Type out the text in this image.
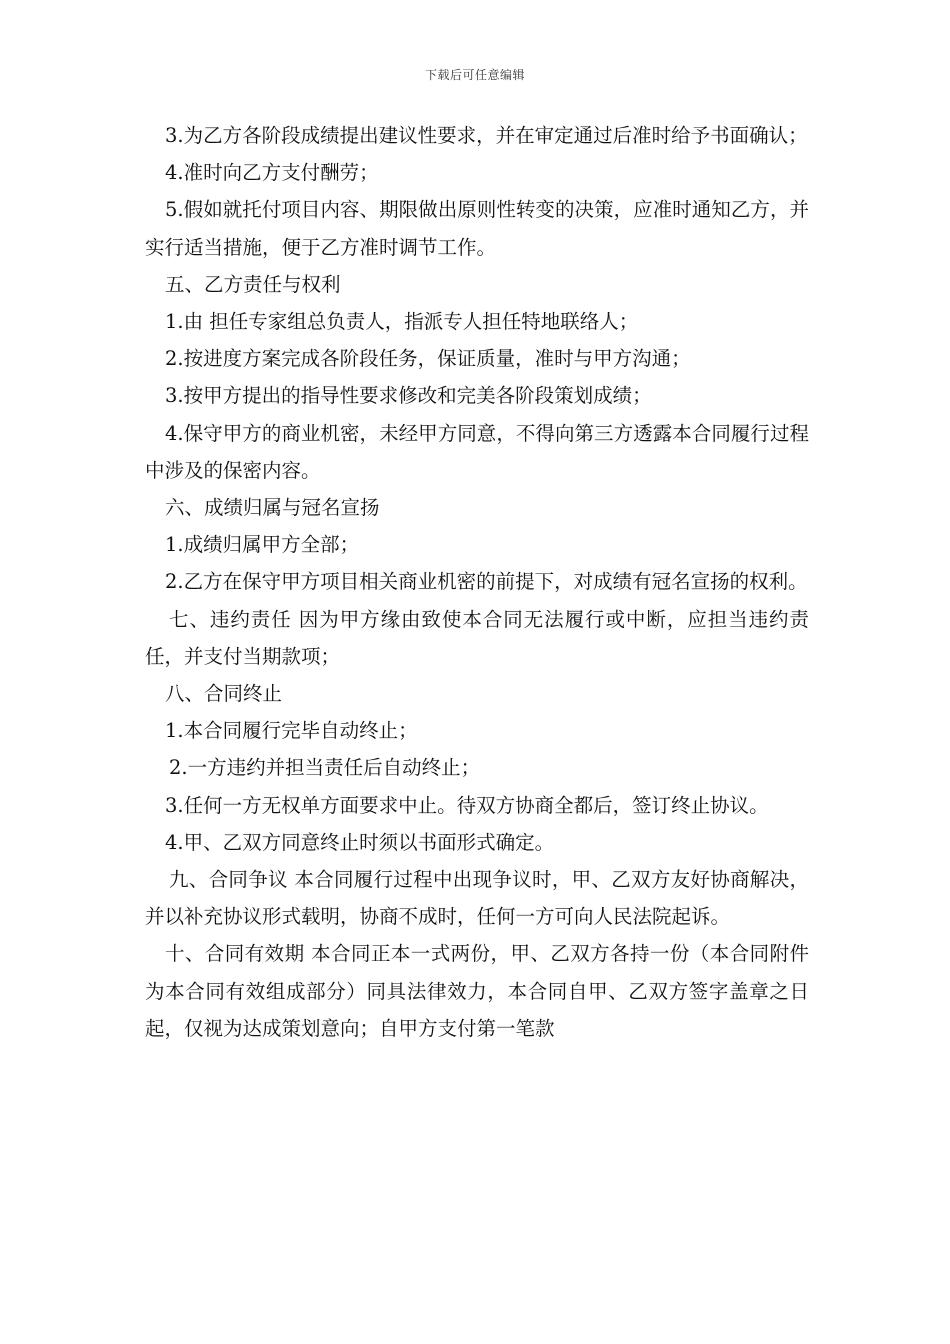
下载后可任意编辑

3.为乙方各阶段成绩提出建议性要求，并在审定通过后准时给予书面确认；

4.准时向乙方支付酬劳；

5.假如就托付项目内容、期限做出原则性转变的决策，应准时通知乙方，并实行适当措施，便于乙方准时调节工作。

五、乙方责任与权利

1.由 担任专家组总负责人，指派专人担任特地联络人；

2.按进度方案完成各阶段任务，保证质量，准时与甲方沟通；

3.按甲方提出的指导性要求修改和完美各阶段策划成绩；

4.保守甲方的商业机密，未经甲方同意，不得向第三方透露本合同履行过程中涉及的保密内容。

六、成绩归属与冠名宣扬

1.成绩归属甲方全部；

2.乙方在保守甲方项目相关商业机密的前提下，对成绩有冠名宣扬的权利。

七、违约责任 因为甲方缘由致使本合同无法履行或中断，应担当违约责任，并支付当期款项；

八、合同终止

1.本合同履行完毕自动终止；

2.一方违约并担当责任后自动终止；

3.任何一方无权单方面要求中止。待双方协商全都后，签订终止协议。

4.甲、乙双方同意终止时须以书面形式确定。

九、合同争议 本合同履行过程中出现争议时，甲、乙双方友好协商解决，并以补充协议形式载明，协商不成时，任何一方可向人民法院起诉。

十、合同有效期 本合同正本一式两份，甲、乙双方各持一份（本合同附件为本合同有效组成部分）同具法律效力，本合同自甲、乙双方签字盖章之日起，仅视为达成策划意向；自甲方支付第一笔款
